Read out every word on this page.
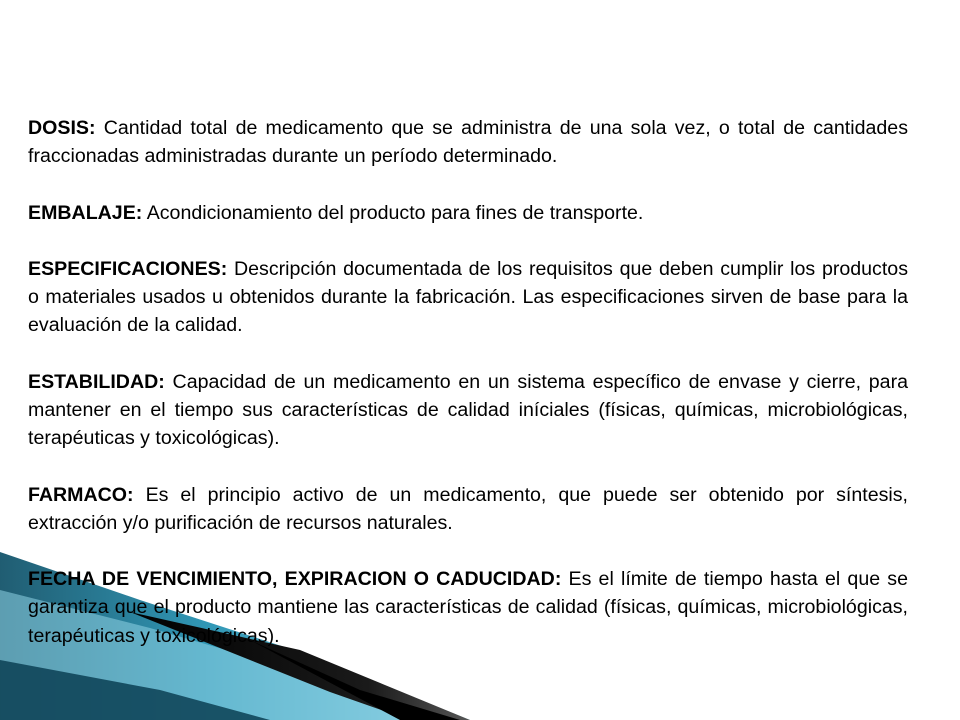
DOSIS: Cantidad total de medicamento que se administra de una sola vez, o total de cantidades fraccionadas administradas durante un período determinado.

EMBALAJE: Acondicionamiento del producto para fines de transporte.

ESPECIFICACIONES: Descripción documentada de los requisitos que deben cumplir los productos o materiales usados u obtenidos durante la fabricación. Las especificaciones sirven de base para la evaluación de la calidad.

ESTABILIDAD: Capacidad de un medicamento en un sistema específico de envase y cierre, para mantener en el tiempo sus características de calidad iníciales (físicas, químicas, microbiológicas, terapéuticas y toxicológicas).

FARMACO: Es el principio activo de un medicamento, que puede ser obtenido por síntesis, extracción y/o purificación de recursos naturales.

FECHA DE VENCIMIENTO, EXPIRACION O CADUCIDAD: Es el límite de tiempo hasta el que se garantiza que el producto mantiene las características de calidad (físicas, químicas, microbiológicas, terapéuticas y toxicológicas).
